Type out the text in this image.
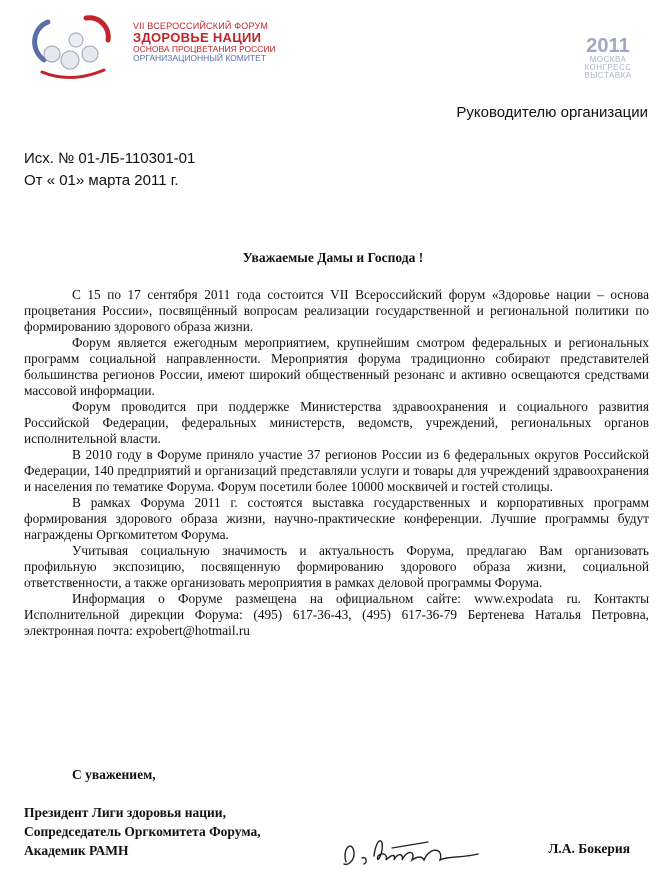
VII ВСЕРОССИЙСКИЙ ФОРУМ
ЗДОРОВЬЕ НАЦИИ
ОСНОВА ПРОЦВЕТАНИЯ РОССИИ
ОРГАНИЗАЦИОННЫЙ КОМИТЕТ
2011
МОСКВА
КОНГРЕСС
ВЫСТАВКА
Руководителю организации
Исх. № 01-ЛБ-110301-01
От « 01» марта 2011 г.
Уважаемые Дамы и Господа !

С 15 по 17 сентября 2011 года состоится VII Всероссийский форум «Здоровье нации – основа процветания России», посвящённый вопросам реализации государственной и региональной политики по формированию здорового образа жизни.

Форум является ежегодным мероприятием, крупнейшим смотром федеральных и региональных программ социальной направленности. Мероприятия форума традиционно собирают представителей большинства регионов России, имеют широкий общественный резонанс и активно освещаются средствами массовой информации.

Форум проводится при поддержке Министерства здравоохранения и социального развития Российской Федерации, федеральных министерств, ведомств, учреждений, региональных органов исполнительной власти.

В 2010 году в Форуме приняло участие 37 регионов России из 6 федеральных округов Российской Федерации, 140 предприятий и организаций представляли услуги и товары для учреждений здравоохранения и населения по тематике Форума. Форум посетили более 10000 москвичей и гостей столицы.

В рамках Форума 2011 г. состоятся выставка государственных и корпоративных программ формирования здорового образа жизни, научно-практические конференции. Лучшие программы будут награждены Оргкомитетом Форума.

Учитывая социальную значимость и актуальность Форума, предлагаю Вам организовать профильную экспозицию, посвященную формированию здорового образа жизни, социальной ответственности, а также организовать мероприятия в рамках деловой программы Форума.

Информация о Форуме размещена на официальном сайте: www.expodata ru. Контакты Исполнительной дирекции Форума: (495) 617-36-43, (495) 617-36-79 Бертенева Наталья Петровна, электронная почта: expobert@hotmail.ru

С уважением,
Президент Лиги здоровья нации,
Сопредседатель Оргкомитета Форума,
Академик РАМН	Л.А. Бокерия
